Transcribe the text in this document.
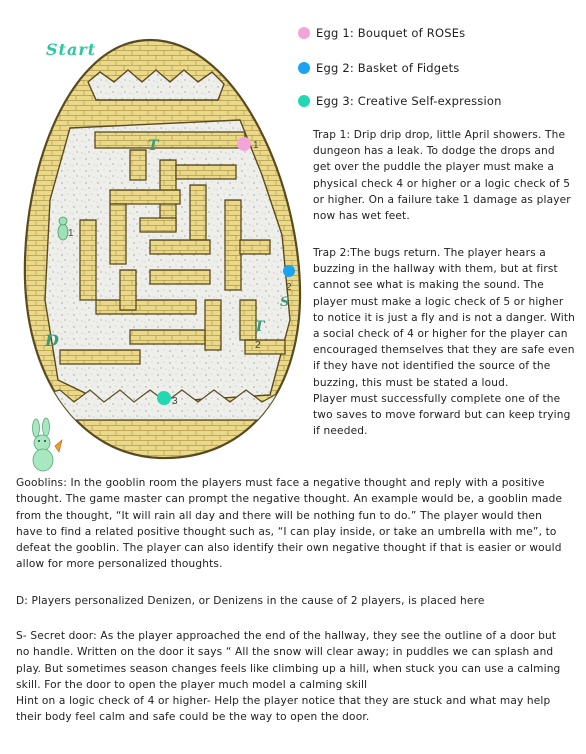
T
T
S
D
1
2
2
3
1
Start
Egg 1: Bouquet of ROSEs
Egg 2: Basket of Fidgets
Egg 3: Creative Self-expression

Trap 1: Drip drip drop, little April showers. The dungeon has a leak. To dodge the drops and get over the puddle the player must make a physical check 4 or higher or a logic check of 5 or higher. On a failure take 1 damage as player now has wet feet.

Trap 2:The bugs return. The player hears a buzzing in the hallway with them, but at first cannot see what is making the sound. The player must make a logic check of 5 or higher to notice it is just a fly and is not a danger. With a social check of 4 or higher for the player can encouraged themselves that they are safe even if they have not identified the source of the buzzing, this must be stated a loud.

Player must successfully complete one of the two saves to move forward but can keep trying if needed.

Gooblins: In the gooblin room the players must face a negative thought and reply with a positive thought. The game master can prompt the negative thought. An example would be, a gooblin made from the thought, “It will rain all day and there will be nothing fun to do.” The player would then have to find a related positive thought such as, “I can play inside, or take an umbrella with me”, to defeat the gooblin. The player can also identify their own negative thought if that is easier or would allow for more personalized thoughts.

D: Players personalized Denizen, or Denizens in the cause of 2 players, is placed here

S- Secret door: As the player approached the end of the hallway, they see the outline of a door but no handle. Written on the door it says “ All the snow will clear away; in puddles we can splash and play. But sometimes season changes feels like climbing up a hill, when stuck you can use a calming skill. For the door to open the player much model a calming skill

Hint on a logic check of 4 or higher- Help the player notice that they are stuck and what may help their body feel calm and safe could be the way to open the door.
